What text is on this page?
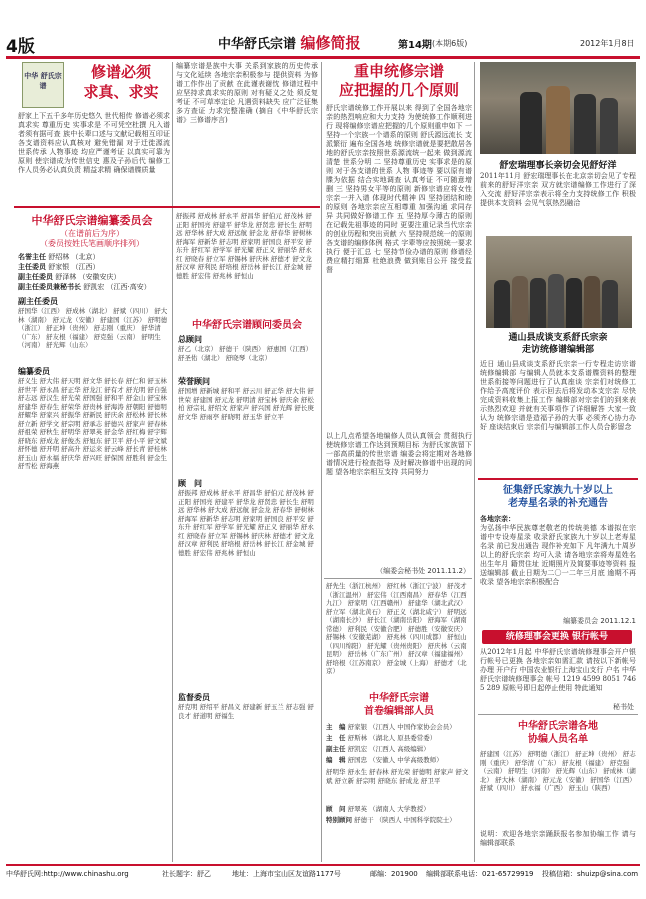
4版	中华舒氏宗谱 编修简报	第14期 (本期6版)	2012年1月8日
中华 舒氏宗谱
修谱必须
求真、求实
舒家上下五千多年历史悠久 世代相传 修谱必须求真求实 尊重历史 实事求是 不可凭空杜撰 凡入谱者须有据可查 族中长辈口述与文献记载相互印证 各支谱资料应认真核对 避免错漏 对于迁徙源流 世系传承 人物事迹 均应严谨考证 以真实可靠为原则 使宗谱成为传世信史 惠及子孙后代 编修工作人员务必认真负责 精益求精 确保谱牒质量
编纂宗谱是族中大事 关系到家族的历史传承与文化延续 各地宗亲积极参与 提供资料 为修谱工作作出了贡献 在此谨表谢忱 修谱过程中 应坚持求真求实的原则 对有疑义之处 须反复考证 不可草率定论 凡遇资料缺失 应广泛征集 多方查证 力求完整准确 (摘自《中华舒氏宗谱》三修谱序言)
中华舒氏宗谱编纂委员会
（在谱前后为序）
（委员按姓氏笔画顺序排列）
名誉主任 舒绍林 （北京）
主任委员 舒家银 （江西）
副主任委员 舒泽林 （安徽安庆）
副主任委员兼秘书长 舒凯宏 （江西·高安）
副主任委员
舒国华（江西） 舒成林（湖北） 舒斌（四川） 舒大林（湖南） 舒元龙（安徽） 舒建国（江苏） 舒明德（浙江） 舒正坤（贵州） 舒志刚（重庆） 舒华清（广东） 舒友根（福建） 舒克强（云南） 舒明生（河南） 舒光辉（山东）
编纂委员
舒义生 舒大伟 舒天明 舒文华 舒长春 舒仁和 舒玉林 舒世平 舒永昌 舒正华 舒龙江 舒有才 舒光明 舒自强 舒志远 舒汉生 舒光荣 舒国强 舒和平 舒金山 舒宝林 舒建华 舒春生 舒荣华 舒贵林 舒海涛 舒朝阳 舒德明 舒耀华 舒家兴 舒振华 舒新民 舒庆余 舒松林 舒长林 舒立新 舒学文 舒宗明 舒承志 舒德兴 舒家声 舒春林 舒祖荣 舒秋生 舒明华 舒翠英 舒金华 舒红梅 舒宇辉 舒晓东 舒成龙 舒俊杰 舒旭东 舒卫平 舒小平 舒文斌 舒怀德 舒开明 舒高升 舒运来 舒云峰 舒长青 舒桂林 舒玉山 舒永福 舒庆华 舒兴旺 舒保国 舒胜利 舒金生 舒雪松 舒海燕
舒振邦 舒成林 舒永平 舒昌华 舒伯元 舒茂林 舒正阳 舒国亮 舒建平 舒华龙 舒贤忠 舒长生 舒明远 舒华林 舒大成 舒远航 舒金龙 舒春华 舒树林 舒海军 舒新华 舒志明 舒家明 舒国良 舒平安 舒东升 舒红军 舒学军 舒光耀 舒正义 舒丽华 舒永红 舒晓春 舒立军 舒锡林 舒庆林 舒德才 舒文龙 舒汉章 舒利民 舒培根 舒岳林 舒长江 舒金城 舒德胜 舒宏伟 舒兆林 舒恒山
中华舒氏宗谱顾问委员会
总顾问
舒乙（北京） 舒德干（陕西） 舒惠国（江西） 舒圣佑（湖北） 舒晓琴（北京）
荣誉顾问
舒国增 舒新城 舒和平 舒云川 舒正华 舒大伟 舒世荣 舒建国 舒元龙 舒明清 舒宝林 舒庆余 舒松柏 舒宗礼 舒绍文 舒家声 舒兴国 舒光辉 舒长庚 舒文华 舒雨亭 舒晓明 舒玉华 舒立平
顾　问
舒振邦 舒成林 舒永平 舒昌华 舒伯元 舒茂林 舒正阳 舒国亮 舒建平 舒华龙 舒贤忠 舒长生 舒明远 舒华林 舒大成 舒远航 舒金龙 舒春华 舒树林 舒海军 舒新华 舒志明 舒家明 舒国良 舒平安 舒东升 舒红军 舒学军 舒光耀 舒正义 舒丽华 舒永红 舒晓春 舒立军 舒锡林 舒庆林 舒德才 舒文龙 舒汉章 舒利民 舒培根 舒岳林 舒长江 舒金城 舒德胜 舒宏伟 舒兆林 舒恒山
监督委员
舒克明 舒绍平 舒昌义 舒建新 舒玉兰 舒志强 舒良才 舒道明 舒福生
重申统修宗谱
应把握的几个原则
舒氏宗谱统修工作开展以来 得到了全国各地宗亲的热烈响应和大力支持 为使统修工作顺利进行 现将编修宗谱应把握的几个原则重申如下 一 坚持一个宗族一个谱系的原则 舒氏源远流长 支派繁衍 遍布全国各地 统修宗谱就是要把散居各地的舒氏宗亲按照世系源流统一起来 做到源流清楚 世系分明 二 坚持尊重历史 实事求是的原则 对于各支谱的世系 人物 事迹等 要以原有谱牒为依据 结合实地调查 认真考证 不可随意增删 三 坚持男女平等的原则 新修宗谱应将女性宗亲一并入谱 体现时代精神 四 坚持团结和睦的原则 各地宗亲应互相尊重 加强沟通 求同存异 共同做好修谱工作 五 坚持厚今薄古的原则 在记载先祖事迹的同时 更要注重记录当代宗亲的创业历程和突出贡献 六 坚持规范统一的原则 各支谱的编修体例 格式 字辈等应按照统一要求执行 便于汇总 七 坚持节俭办谱的原则 修谱经费应精打细算 杜绝浪费 做到账目公开 接受监督
以上几点希望各地编修人员认真领会 贯彻执行 使统修宗谱工作达到预期目标 为舒氏家族留下一部高质量的传世宗谱 编委会将定期对各地修谱情况进行检查指导 及时解决修谱中出现的问题 望各地宗亲相互支持 共同努力
（编委会秘书处 2011.11.2）
舒先生（浙江杭州） 舒红林（浙江宁波） 舒茂才（浙江温州） 舒宏伟（江西南昌） 舒春华（江西九江） 舒家明（江西赣州） 舒建华（湖北武汉） 舒立军（湖北黄石） 舒正义（湖北咸宁） 舒明远（湖南长沙） 舒长江（湖南岳阳） 舒海军（湖南常德） 舒利民（安徽合肥） 舒德胜（安徽安庆） 舒锡林（安徽芜湖） 舒兆林（四川成都） 舒恒山（四川绵阳） 舒光耀（贵州贵阳） 舒庆林（云南昆明） 舒岳林（广东广州） 舒汉章（福建福州） 舒培根（江苏南京） 舒金城（上海） 舒德才（北京）
中华舒氏宗谱
首卷编辑部人员
主　编 舒家银 （江西人 中国作家协会会员）
主　任 舒斯林 （湖北人 原县委常委）
副主任 舒凯宏 （江西人 高级编辑）
编　辑 舒国忠 （安徽人 中学高级教师）
舒明华 舒永生 舒春林 舒光荣 舒德明 舒家声 舒文斌 舒立新 舒宗明 舒晓东 舒成龙 舒卫平
顾　问 舒翠英 （湖南人 大学教授）
特别顾问 舒德干 （陕西人 中国科学院院士）
舒宏瑞理事长亲切会见舒好洋
2011年11月 舒宏瑞理事长在北京亲切会见了专程前来的舒好洋宗亲 双方就宗谱编修工作进行了深入交流 舒好洋宗亲表示将全力支持统修工作 积极提供本支资料 会见气氛热烈融洽
通山县成谈支系舒氏宗亲
走访统修谱编辑部
近日 通山县成谈支系舒氏宗亲一行专程走访宗谱统修编辑部 与编辑人员就本支系谱牒资料的整理 世系衔接等问题进行了认真座谈 宗亲们对统修工作给予高度评价 表示回去后将发动本支宗亲 尽快完成资料收集上报工作 编辑部对宗亲们的到来表示热烈欢迎 并就有关事项作了详细解答 大家一致认为 统修宗谱是造福子孙的大事 必须齐心协力办好 座谈结束后 宗亲们与编辑部工作人员合影留念
征集舒氏家族九十岁以上
老寿星名录的补充通告
各地宗亲：
为弘扬中华民族尊老敬老的传统美德 本谱拟在宗谱中专设寿星录 收录舒氏家族九十岁以上老寿星名录 前已发出通告 现作补充如下 凡年满九十周岁以上的舒氏宗亲 均可入录 请各地宗亲将寿星姓名 出生年月 籍贯住址 近期照片及简要事迹等资料 报送编辑部 截止日期为二〇一二年三月底 逾期不再收录 望各地宗亲积极配合
编纂委员会 2011.12.1
统修理事会更换 银行帐号
从2012年1月起 中华舒氏宗谱统修理事会开户银行帐号已更换 各地宗亲如需汇款 请按以下新帐号办理 开户行 中国农业银行上海宝山支行 户名 中华舒氏宗谱统修理事会 帐号 1219 4599 8051 7465 289 原帐号即日起停止使用 特此通知
秘书处
中华舒氏宗谱各地
协编人员名单
舒建国（江苏） 舒明德（浙江） 舒正坤（贵州） 舒志刚（重庆） 舒华清（广东） 舒友根（福建） 舒克强（云南） 舒明生（河南） 舒光辉（山东） 舒成林（湖北） 舒大林（湖南） 舒元龙（安徽） 舒国华（江西） 舒斌（四川） 舒永福（广西） 舒玉山（陕西）
说明：欢迎各地宗亲踊跃报名参加协编工作 请与编辑部联系
中华舒氏网:http://www.chinashu.org	社长题字：舒乙	地址：上海市宝山区友谊路1177号	邮编：201900 编辑部联系电话：021-65729919 投稿信箱：shuizp@sina.com
